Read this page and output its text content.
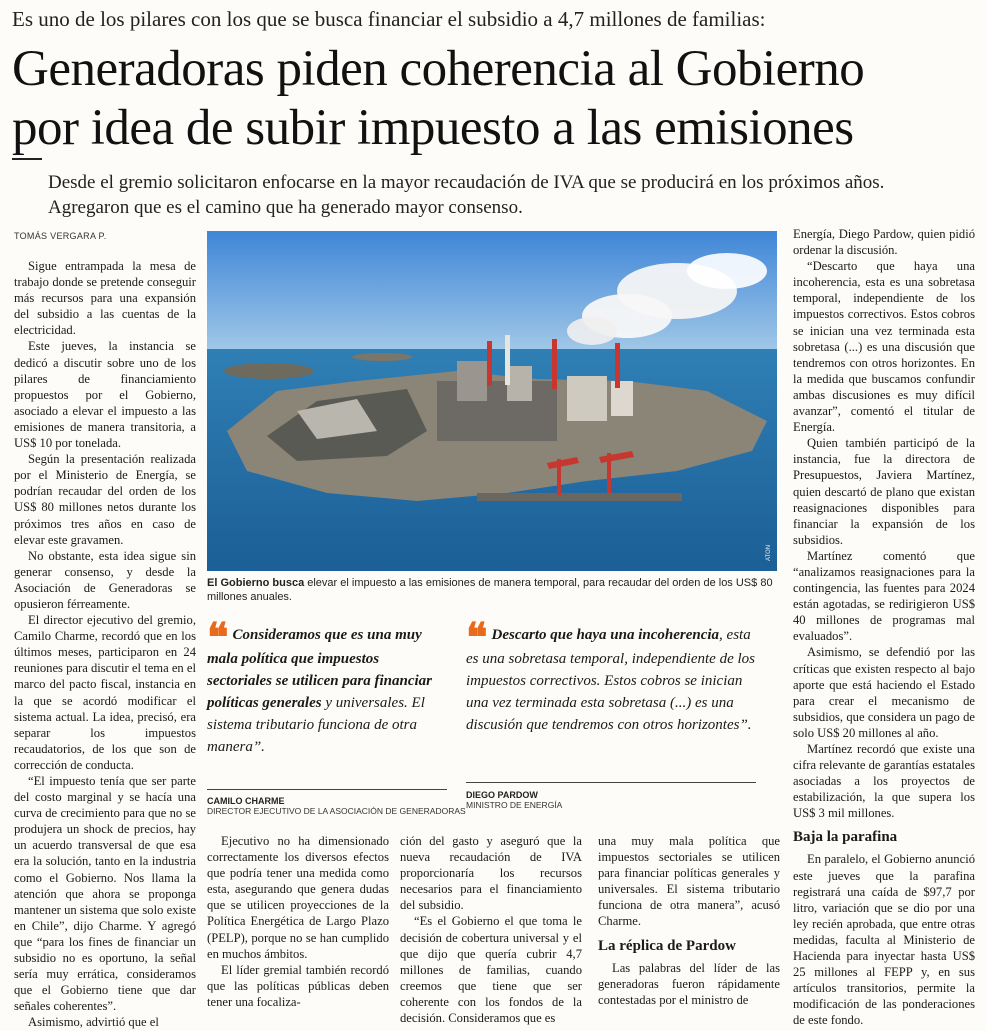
Es uno de los pilares con los que se busca financiar el subsidio a 4,7 millones de familias:
Generadoras piden coherencia al Gobierno
por idea de subir impuesto a las emisiones
Desde el gremio solicitaron enfocarse en la mayor recaudación de IVA que se producirá en los próximos años. Agregaron que es el camino que ha generado mayor consenso.
TOMÁS VERGARA P.

Sigue entrampada la mesa de trabajo donde se pretende conseguir más recursos para una expansión del subsidio a las cuentas de la electricidad.

Este jueves, la instancia se dedicó a discutir sobre uno de los pilares de financiamiento propuestos por el Gobierno, asociado a elevar el impuesto a las emisiones de manera transitoria, a US$ 10 por tonelada.

Según la presentación realizada por el Ministerio de Energía, se podrían recaudar del orden de los US$ 80 millones netos durante los próximos tres años en caso de elevar este gravamen.

No obstante, esta idea sigue sin generar consenso, y desde la Asociación de Generadoras se opusieron férreamente.

El director ejecutivo del gremio, Camilo Charme, recordó que en los últimos meses, participaron en 24 reuniones para discutir el tema en el marco del pacto fiscal, instancia en la que se acordó modificar el sistema actual. La idea, precisó, era separar los impuestos recaudatorios, de los que son de corrección de conducta.

“El impuesto tenía que ser parte del costo marginal y se hacía una curva de crecimiento para que no se produjera un shock de precios, hay un acuerdo transversal de que esa era la solución, tanto en la industria como el Gobierno. Nos llama la atención que ahora se proponga mantener un sistema que solo existe en Chile”, dijo Charme. Y agregó que “para los fines de financiar un subsidio no es oportuno, la señal sería muy errática, consideramos que el Gobierno tiene que dar señales coherentes”.

Asimismo, advirtió que el

ATON
El Gobierno busca elevar el impuesto a las emisiones de manera temporal, para recaudar del orden de los US$ 80 millones anuales.
❝ Consideramos que es una muy mala política que impuestos sectoriales se utilicen para financiar políticas generales y universales. El sistema tributario funciona de otra manera”.
CAMILO CHARME
DIRECTOR EJECUTIVO DE LA ASOCIACIÓN DE GENERADORAS
❝ Descarto que haya una incoherencia, esta es una sobretasa temporal, independiente de los impuestos correctivos. Estos cobros se inician una vez terminada esta sobretasa (...) es una discusión que tendremos con otros horizontes”.
DIEGO PARDOW
MINISTRO DE ENERGÍA

Ejecutivo no ha dimensionado correctamente los diversos efectos que podría tener una medida como esta, asegurando que genera dudas que se utilicen proyecciones de la Política Energética de Largo Plazo (PELP), porque no se han cumplido en muchos ámbitos.

El líder gremial también recordó que las políticas públicas deben tener una focaliza-

ción del gasto y aseguró que la nueva recaudación de IVA proporcionaría los recursos necesarios para el financiamiento del subsidio.

“Es el Gobierno el que toma le decisión de cobertura universal y el que dijo que quería cubrir 4,7 millones de familias, cuando creemos que tiene que ser coherente con los fondos de la decisión. Consideramos que es

una muy mala política que impuestos sectoriales se utilicen para financiar políticas generales y universales. El sistema tributario funciona de otra manera”, acusó Charme.

La réplica de Pardow

Las palabras del líder de las generadoras fueron rápidamente contestadas por el ministro de

Energía, Diego Pardow, quien pidió ordenar la discusión.

“Descarto que haya una incoherencia, esta es una sobretasa temporal, independiente de los impuestos correctivos. Estos cobros se inician una vez terminada esta sobretasa (...) es una discusión que tendremos con otros horizontes. En la medida que buscamos confundir ambas discusiones es muy difícil avanzar”, comentó el titular de Energía.

Quien también participó de la instancia, fue la directora de Presupuestos, Javiera Martínez, quien descartó de plano que existan reasignaciones disponibles para financiar la expansión de los subsidios.

Martínez comentó que “analizamos reasignaciones para la contingencia, las fuentes para 2024 están agotadas, se redirigieron US$ 40 millones de programas mal evaluados”.

Asimismo, se defendió por las críticas que existen respecto al bajo aporte que está haciendo el Estado para crear el mecanismo de subsidios, que considera un pago de solo US$ 20 millones al año.

Martínez recordó que existe una cifra relevante de garantías estatales asociadas a los proyectos de estabilización, la que supera los US$ 3 mil millones.

Baja la parafina

En paralelo, el Gobierno anunció este jueves que la parafina registrará una caída de $97,7 por litro, variación que se dio por una ley recién aprobada, que entre otras medidas, faculta al Ministerio de Hacienda para inyectar hasta US$ 25 millones al FEPP y, en sus artículos transitorios, permite la modificación de las ponderaciones de este fondo.
